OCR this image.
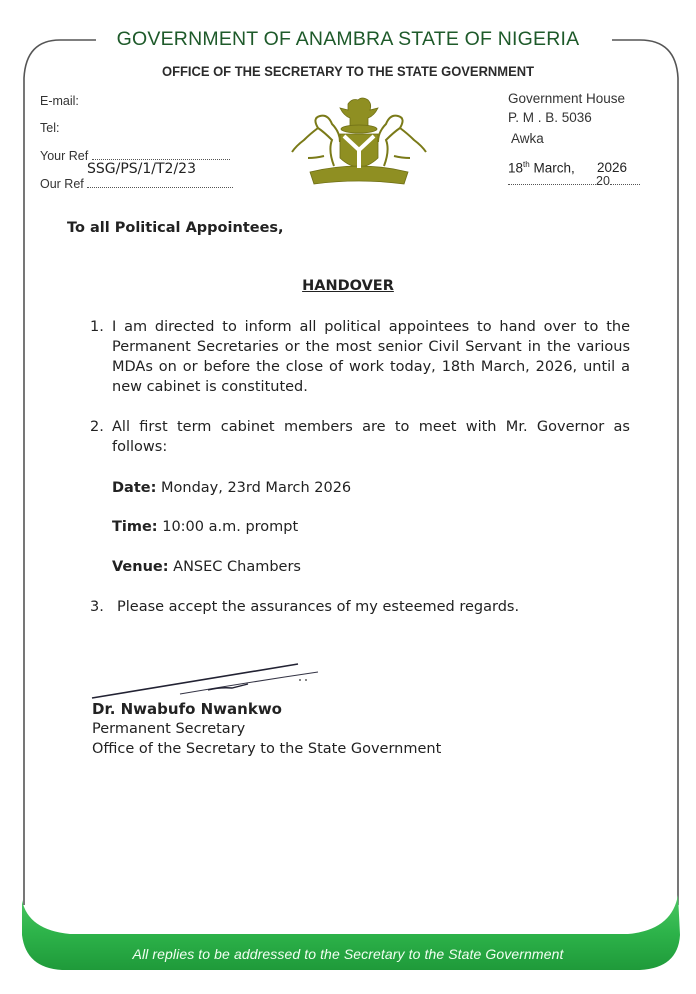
GOVERNMENT OF ANAMBRA STATE OF NIGERIA
OFFICE OF THE SECRETARY TO THE STATE GOVERNMENT
E-mail:
Tel:
Your Ref
SSG/PS/1/T2/23
Our Ref
Government House
P. M . B. 5036
Awka
18th March, 2026
20
To all Political Appointees,
HANDOVER
1. I am directed to inform all political appointees to hand over to the Permanent Secretaries or the most senior Civil Servant in the various MDAs on or before the close of work today, 18th March, 2026, until a new cabinet is constituted.
2. All first term cabinet members are to meet with Mr. Governor as follows:
Date: Monday, 23rd March 2026
Time: 10:00 a.m. prompt
Venue: ANSEC Chambers
3. Please accept the assurances of my esteemed regards.
Dr. Nwabufo Nwankwo
Permanent Secretary
Office of the Secretary to the State Government
All replies to be addressed to the Secretary to the State Government
